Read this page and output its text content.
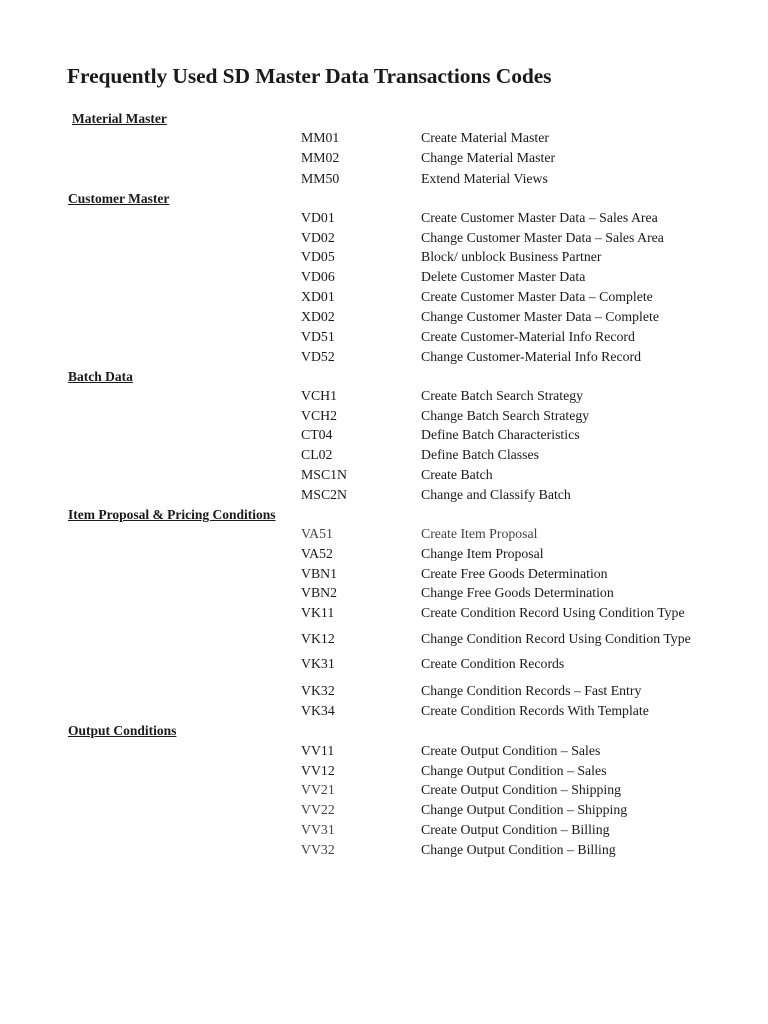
Frequently Used SD Master Data Transactions Codes
Material Master
MM01	Create Material Master
MM02	Change Material Master
MM50	Extend Material Views
Customer Master
VD01	Create Customer Master Data – Sales Area
VD02	Change Customer Master Data – Sales Area
VD05	Block/ unblock Business Partner
VD06	Delete Customer Master Data
XD01	Create Customer Master Data – Complete
XD02	Change Customer Master Data – Complete
VD51	Create Customer-Material Info Record
VD52	Change Customer-Material Info Record
Batch Data
VCH1	Create Batch Search Strategy
VCH2	Change Batch Search Strategy
CT04	Define Batch Characteristics
CL02	Define Batch Classes
MSC1N	Create Batch
MSC2N	Change and Classify Batch
Item Proposal & Pricing Conditions
VA51	Create Item Proposal
VA52	Change Item Proposal
VBN1	Create Free Goods Determination
VBN2	Change Free Goods Determination
VK11	Create Condition Record Using Condition Type
VK12	Change Condition Record Using Condition Type
VK31	Create Condition Records
VK32	Change Condition Records – Fast Entry
VK34	Create Condition Records With Template
Output Conditions
VV11	Create Output Condition – Sales
VV12	Change Output Condition – Sales
VV21	Create Output Condition – Shipping
VV22	Change Output Condition – Shipping
VV31	Create Output Condition – Billing
VV32	Change Output Condition – Billing
